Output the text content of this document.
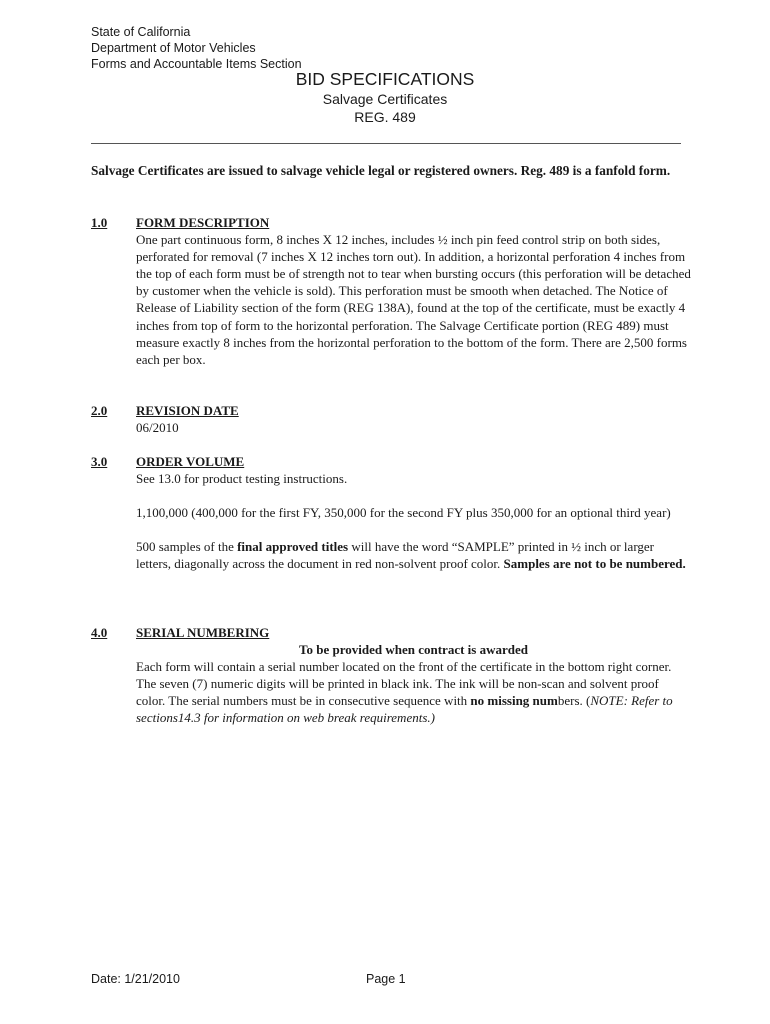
State of California
Department of Motor Vehicles
Forms and Accountable Items Section
BID SPECIFICATIONS
Salvage Certificates
REG. 489
Salvage Certificates are issued to salvage vehicle legal or registered owners. Reg. 489 is a fanfold form.
1.0	FORM DESCRIPTION
One part continuous form, 8 inches X 12 inches, includes ½ inch pin feed control strip on both sides, perforated for removal (7 inches X 12 inches torn out). In addition, a horizontal perforation 4 inches from the top of each form must be of strength not to tear when bursting occurs (this perforation will be detached by customer when the vehicle is sold). This perforation must be smooth when detached. The Notice of Release of Liability section of the form (REG 138A), found at the top of the certificate, must be exactly 4 inches from top of form to the horizontal perforation. The Salvage Certificate portion (REG 489) must measure exactly 8 inches from the horizontal perforation to the bottom of the form. There are 2,500 forms each per box.
2.0	REVISION DATE
06/2010
3.0	ORDER VOLUME
See 13.0 for product testing instructions.
1,100,000 (400,000 for the first FY, 350,000 for the second FY plus 350,000 for an optional third year)
500 samples of the final approved titles will have the word “SAMPLE” printed in ½ inch or larger letters, diagonally across the document in red non-solvent proof color. Samples are not to be numbered.
4.0	SERIAL NUMBERING
To be provided when contract is awarded
Each form will contain a serial number located on the front of the certificate in the bottom right corner. The seven (7) numeric digits will be printed in black ink. The ink will be non-scan and solvent proof color. The serial numbers must be in consecutive sequence with no missing numbers. (NOTE: Refer to sections14.3 for information on web break requirements.)
Date: 1/21/2010	Page 1
